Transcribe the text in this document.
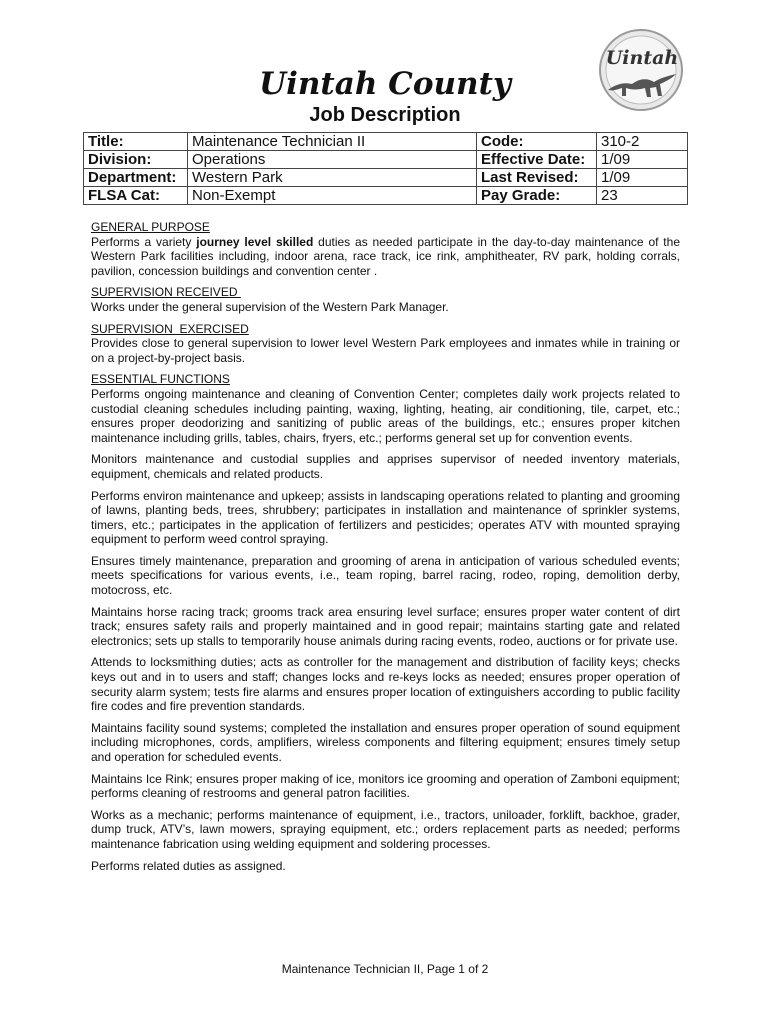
Uintah County
Job Description
Uintah
Title:	Maintenance Technician II	Code:	310-2
Division:	Operations	Effective Date:	1/09
Department:	Western Park	Last Revised:	1/09
FLSA Cat:	Non-Exempt	Pay Grade:	23
GENERAL PURPOSE

Performs a variety journey level skilled duties as needed participate in the day-to-day maintenance of the Western Park facilities including, indoor arena, race track, ice rink, amphitheater, RV park, holding corrals, pavilion, concession buildings and convention center .

SUPERVISION RECEIVED

Works under the general supervision of the Western Park Manager.

SUPERVISION  EXERCISED

Provides close to general supervision to lower level Western Park employees and inmates while in training or on a project-by-project basis.

ESSENTIAL FUNCTIONS

Performs ongoing maintenance and cleaning of Convention Center; completes daily work projects related to custodial cleaning schedules including painting, waxing, lighting, heating, air conditioning, tile, carpet, etc.; ensures proper deodorizing and sanitizing of public areas of the buildings, etc.; ensures proper kitchen maintenance including grills, tables, chairs, fryers, etc.; performs general set up for convention events.

Monitors maintenance and custodial supplies and apprises supervisor of needed inventory materials, equipment, chemicals and related products.

Performs environ maintenance and upkeep; assists in landscaping operations related to planting and grooming of lawns, planting beds, trees, shrubbery; participates in installation and maintenance of sprinkler systems, timers, etc.; participates in the application of fertilizers and pesticides; operates ATV with mounted spraying equipment to perform weed control spraying.

Ensures timely maintenance, preparation and grooming of arena in anticipation of various scheduled events; meets specifications for various events, i.e., team roping, barrel racing, rodeo, roping, demolition derby, motocross, etc.

Maintains horse racing track; grooms track area ensuring level surface; ensures proper water content of dirt track; ensures safety rails and properly maintained and in good repair; maintains starting gate and related electronics; sets up stalls to temporarily house animals during racing events, rodeo, auctions or for private use.

Attends to locksmithing duties; acts as controller for the management and distribution of facility keys; checks keys out and in to users and staff; changes locks and re-keys locks as needed; ensures proper operation of security alarm system; tests fire alarms and ensures proper location of extinguishers according to public facility fire codes and fire prevention standards.

Maintains facility sound systems; completed the installation and ensures proper operation of sound equipment including microphones, cords, amplifiers, wireless components and filtering equipment; ensures timely setup and operation for scheduled events.

Maintains Ice Rink; ensures proper making of ice, monitors ice grooming and operation of Zamboni equipment; performs cleaning of restrooms and general patron facilities.

Works as a mechanic; performs maintenance of equipment, i.e., tractors, uniloader, forklift, backhoe, grader, dump truck, ATV’s, lawn mowers, spraying equipment, etc.; orders replacement parts as needed; performs maintenance fabrication using welding equipment and soldering processes.

Performs related duties as assigned.

Maintenance Technician II, Page 1 of 2
